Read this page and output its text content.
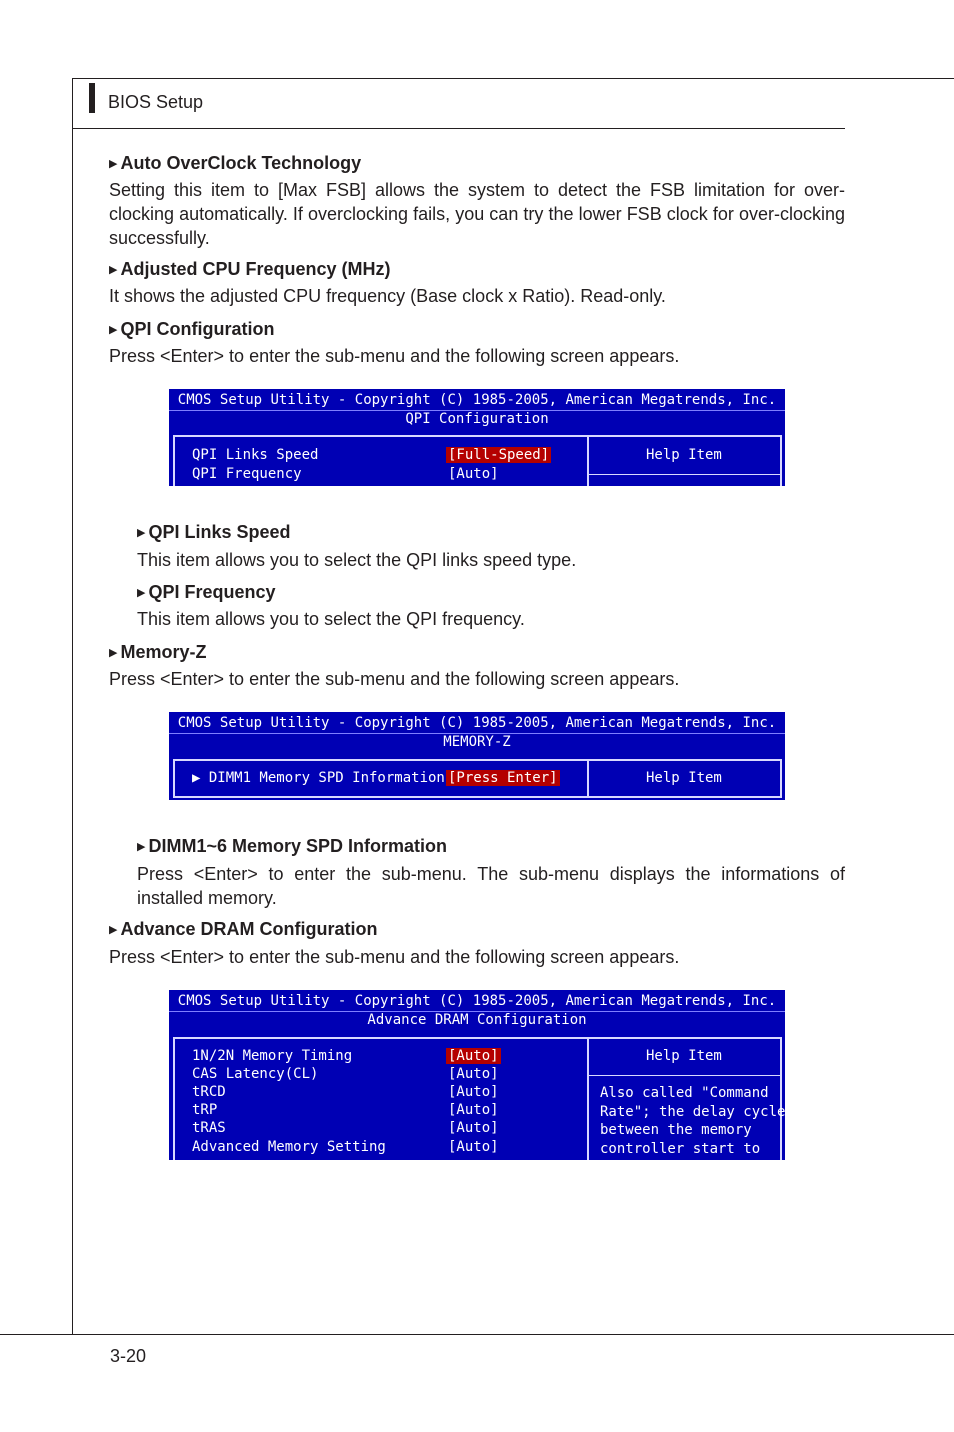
BIOS Setup
▶ Auto OverClock Technology
Setting this item to [Max FSB] allows the system to detect the FSB limitation for over-clocking automatically. If overclocking fails, you can try the lower FSB clock for over-clocking successfully.
▶ Adjusted CPU Frequency (MHz)
It shows the adjusted CPU frequency (Base clock x Ratio). Read-only.
▶ QPI Configuration
Press <Enter> to enter the sub-menu and the following screen appears.
CMOS Setup Utility - Copyright (C) 1985-2005, American Megatrends, Inc.
QPI Configuration
Help Item
QPI Links Speed	[Full-Speed]
QPI Frequency	[Auto]
▶ QPI Links Speed
This item allows you to select the QPI links speed type.
▶ QPI Frequency
This item allows you to select the QPI frequency.
▶ Memory-Z
Press <Enter> to enter the sub-menu and the following screen appears.
CMOS Setup Utility - Copyright (C) 1985-2005, American Megatrends, Inc.
MEMORY-Z
Help Item
▶ DIMM1 Memory SPD Information [Press Enter]
▶ DIMM1~6 Memory SPD Information
Press <Enter> to enter the sub-menu. The sub-menu displays the informations of installed memory.
▶ Advance DRAM Configuration
Press <Enter> to enter the sub-menu and the following screen appears.
CMOS Setup Utility - Copyright (C) 1985-2005, American Megatrends, Inc.
Advance DRAM Configuration
Help Item
Also called "Command
Rate"; the delay cycle
between the memory
controller start to
1N/2N Memory Timing	[Auto]
CAS Latency(CL)	[Auto]
tRCD	[Auto]
tRP	[Auto]
tRAS	[Auto]
Advanced Memory Setting	[Auto]
3-20
